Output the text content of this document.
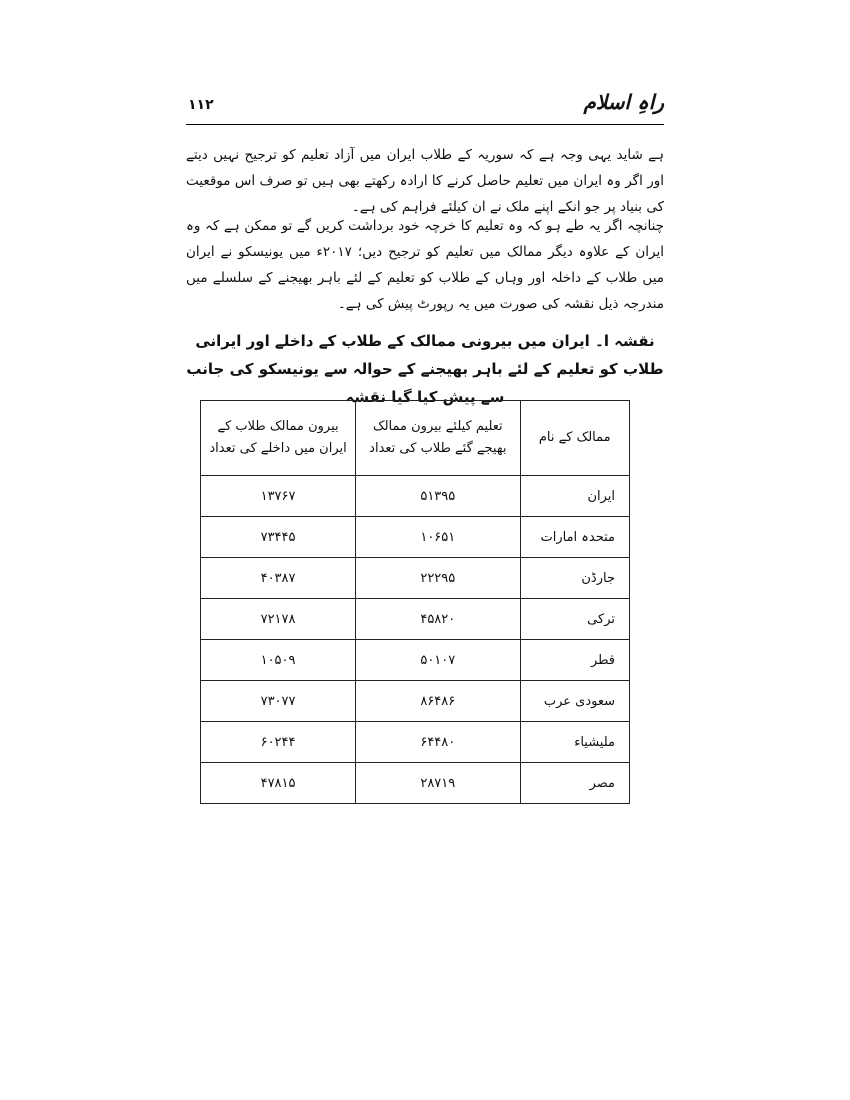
۱۱۲	راہِ اسلام

ہے شاید یہی وجہ ہے کہ سوریہ کے طلاب ایران میں آزاد تعلیم کو ترجیح نہیں دیتے اور اگر وہ ایران میں تعلیم حاصل کرنے کا ارادہ رکھتے بھی ہیں تو صرف اس موقعیت کی بنیاد پر جو انکے اپنے ملک نے ان کیلئے فراہم کی ہے۔

چنانچہ اگر یہ طے ہو کہ وہ تعلیم کا خرچہ خود برداشت کریں گے تو ممکن ہے کہ وہ ایران کے علاوہ دیگر ممالک میں تعلیم کو ترجیح دیں؛ ۲۰۱۷ء میں یونیسکو نے ایران میں طلاب کے داخلہ اور وہاں کے طلاب کو تعلیم کے لئے باہر بھیجنے کے سلسلے میں مندرجہ ذیل نقشہ کی صورت میں یہ رپورٹ پیش کی ہے۔

نقشہ ا۔ ایران میں بیرونی ممالک کے طلاب کے داخلے اور ایرانی طلاب کو تعلیم کے لئے باہر بھیجنے کے حوالہ سے یونیسکو کی جانب سے پیش کیا گیا نقشہ
ممالک کے نام	تعلیم کیلئے بیرون ممالک بھیجے گئے طلاب کی تعداد	بیرون ممالک طلاب کے ایران میں داخلے کی تعداد
ایران	۵۱۳۹۵	۱۳۷۶۷
متحدہ امارات	۱۰۶۵۱	۷۳۴۴۵
جارڈن	۲۲۲۹۵	۴۰۳۸۷
ترکی	۴۵۸۲۰	۷۲۱۷۸
قطر	۵۰۱۰۷	۱۰۵۰۹
سعودی عرب	۸۶۴۸۶	۷۳۰۷۷
ملیشیاء	۶۴۴۸۰	۶۰۲۴۴
مصر	۲۸۷۱۹	۴۷۸۱۵
